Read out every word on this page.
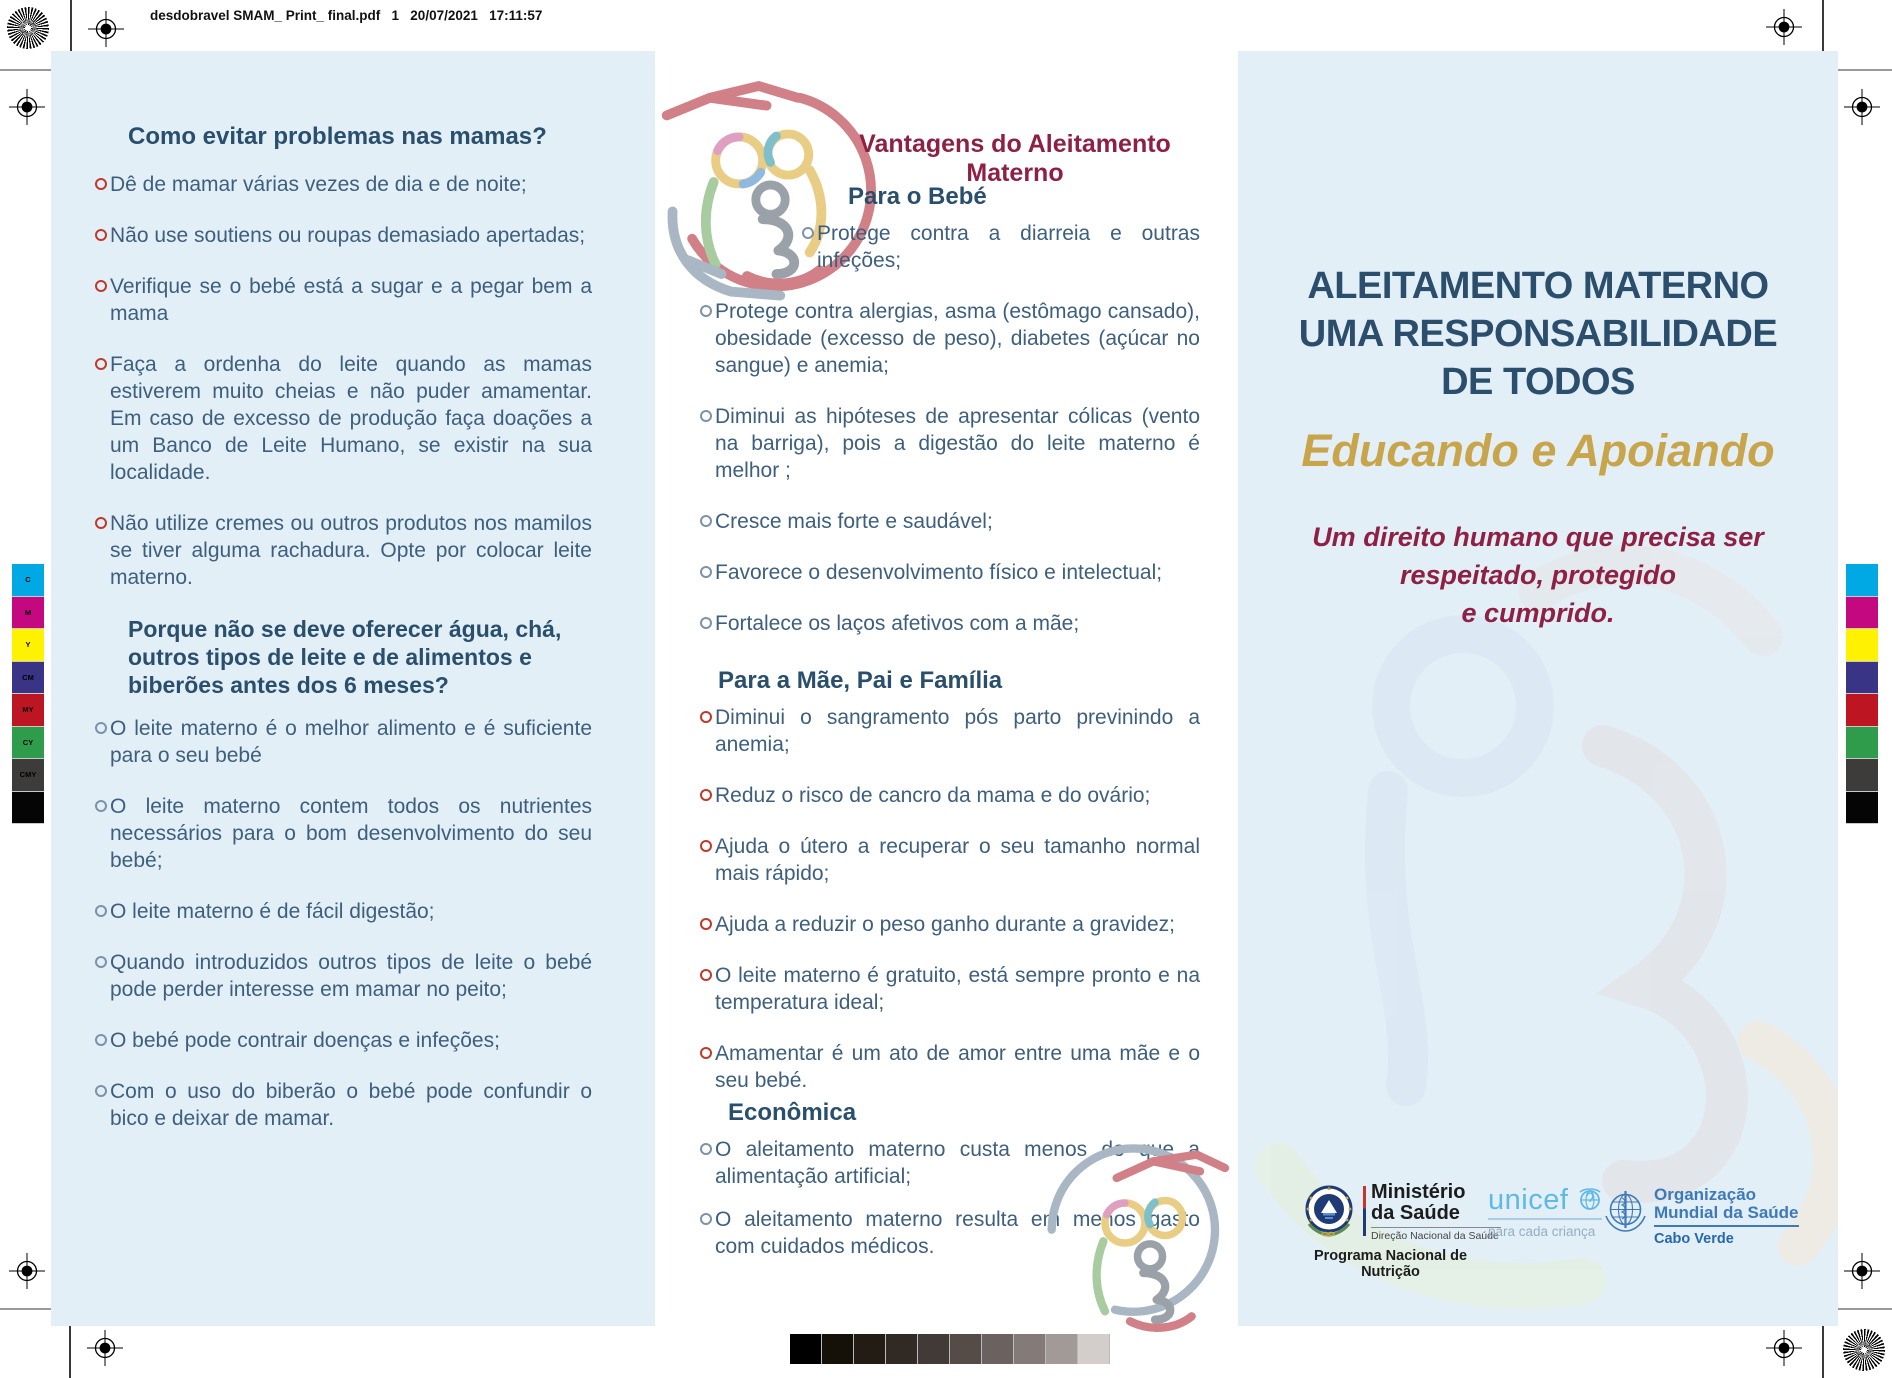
desdobravel SMAM_ Print_ final.pdf   1   20/07/2021   17:11:57
C
M
Y
CM
MY
CY
CMY
Como evitar problemas nas mamas?
Dê de mamar várias vezes de dia e de noite;
Não use soutiens ou roupas demasiado apertadas;
Verifique se o bebé está a sugar e a pegar bem a mama
Faça a ordenha do leite quando as mamas estiverem muito cheias e não puder amamentar. Em caso de excesso de produção faça doações a um Banco de Leite Humano, se existir na sua localidade.
Não utilize cremes ou outros produtos nos mamilos se tiver alguma rachadura. Opte por colocar leite materno.
Porque não se deve oferecer água, chá,
outros tipos de leite e de alimentos e
biberões antes dos 6 meses?
O leite materno é o melhor alimento e é suficiente para o seu bebé
O leite materno contem todos os nutrientes necessários para o bom desenvolvimento do seu bebé;
O leite materno é de fácil digestão;
Quando introduzidos outros tipos de leite o bebé pode perder interesse em mamar no peito;
O bebé pode contrair doenças e infeções;
Com o uso do biberão o bebé pode confundir o bico e deixar de mamar.
Vantagens do Aleitamento
Materno
Para o Bebé
Protege contra a diarreia e outras infeções;
Protege contra alergias, asma (estômago cansado), obesidade (excesso de peso), diabetes (açúcar no sangue) e anemia;
Diminui as hipóteses de apresentar cólicas (vento na barriga), pois a digestão do leite materno é melhor ;
Cresce mais forte e saudável;
Favorece o desenvolvimento físico e intelectual;
Fortalece os laços afetivos com a mãe;
Para a Mãe, Pai e Família
Diminui o sangramento pós parto previnindo a anemia;
Reduz o risco de cancro da mama e do ovário;
Ajuda o útero a recuperar o seu tamanho normal mais rápido;
Ajuda a reduzir o peso ganho durante a gravidez;
O leite materno é gratuito, está sempre pronto e na temperatura ideal;
Amamentar é um ato de amor entre uma mãe e o seu bebé.
Econômica
O aleitamento materno custa menos do que a alimentação artificial;
O aleitamento materno resulta em menos gasto com cuidados médicos.
ALEITAMENTO MATERNO
UMA RESPONSABILIDADE
DE TODOS
Educando e Apoiando
Um direito humano que precisa ser
respeitado, protegido
e cumprido.
Ministério
da Saúde
Direção Nacional da Saúde
Programa Nacional de Nutrição
unicef
para cada criança
Organização
Mundial da Saúde
Cabo Verde
